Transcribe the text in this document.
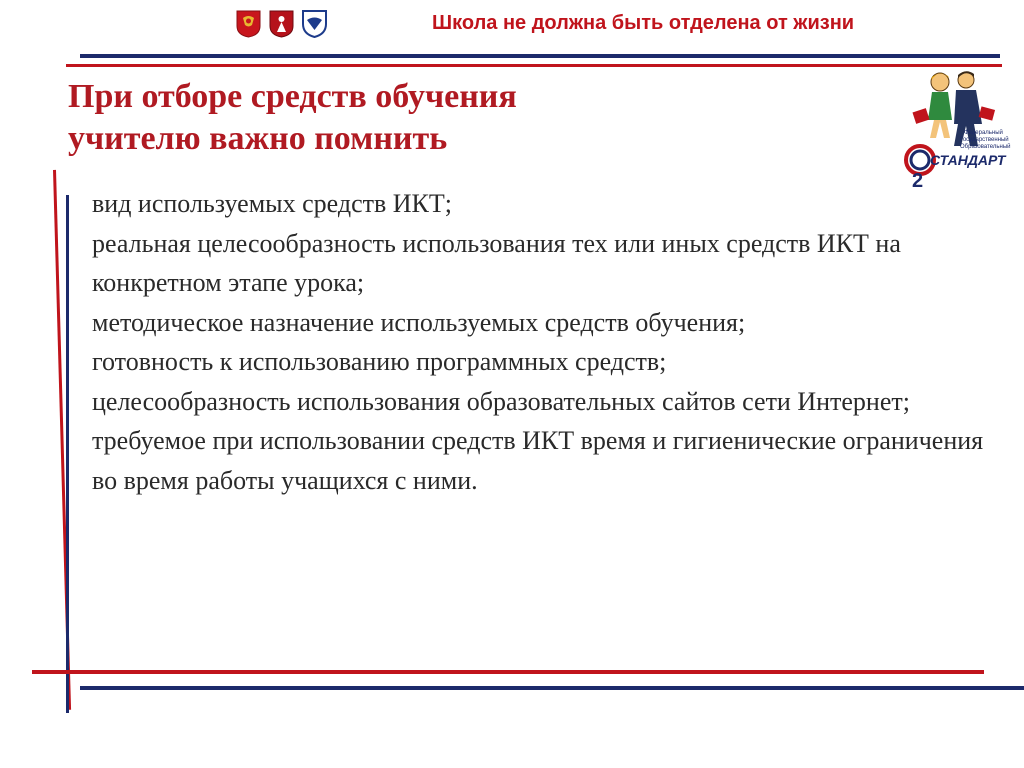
Школа не должна быть отделена от жизни
При отборе средств обучения
учителю важно помнить	Федеральный
Государственный
Образовательный
2
СТАНДАРТ
вид используемых средств ИКТ;
реальная целесообразность использования тех или иных средств ИКТ на конкретном этапе урока;
методическое назначение используемых средств обучения;
готовность к использованию программных средств;
целесообразность использования образовательных сайтов сети Интернет;
требуемое при использовании средств ИКТ время и гигиенические ограничения во время работы учащихся с ними.
